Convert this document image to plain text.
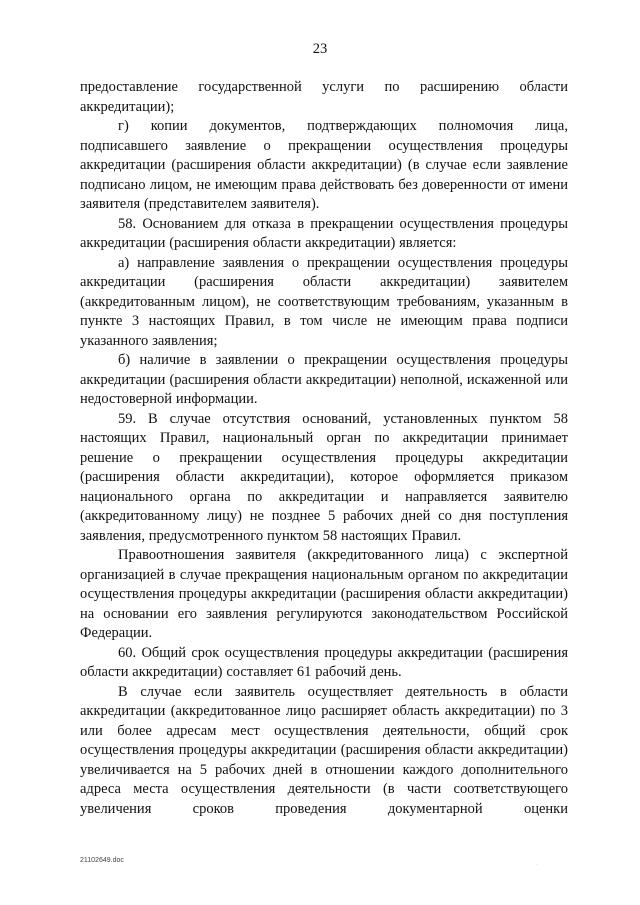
23

предоставление государственной услуги по расширению области аккредитации);

г) копии документов, подтверждающих полномочия лица, подписавшего заявление о прекращении осуществления процедуры аккредитации (расширения области аккредитации) (в случае если заявление подписано лицом, не имеющим права действовать без доверенности от имени заявителя (представителем заявителя).

58. Основанием для отказа в прекращении осуществления процедуры аккредитации (расширения области аккредитации) является:

а) направление заявления о прекращении осуществления процедуры аккредитации (расширения области аккредитации) заявителем (аккредитованным лицом), не соответствующим требованиям, указанным в пункте 3 настоящих Правил, в том числе не имеющим права подписи указанного заявления;

б) наличие в заявлении о прекращении осуществления процедуры аккредитации (расширения области аккредитации) неполной, искаженной или недостоверной информации.

59. В случае отсутствия оснований, установленных пунктом 58 настоящих Правил, национальный орган по аккредитации принимает решение о прекращении осуществления процедуры аккредитации (расширения области аккредитации), которое оформляется приказом национального органа по аккредитации и направляется заявителю (аккредитованному лицу) не позднее 5 рабочих дней со дня поступления заявления, предусмотренного пунктом 58 настоящих Правил.

Правоотношения заявителя (аккредитованного лица) с экспертной организацией в случае прекращения национальным органом по аккредитации осуществления процедуры аккредитации (расширения области аккредитации) на основании его заявления регулируются законодательством Российской Федерации.

60. Общий срок осуществления процедуры аккредитации (расширения области аккредитации) составляет 61 рабочий день.

В случае если заявитель осуществляет деятельность в области аккредитации (аккредитованное лицо расширяет область аккредитации) по 3 или более адресам мест осуществления деятельности, общий срок осуществления процедуры аккредитации (расширения области аккредитации) увеличивается на 5 рабочих дней в отношении каждого дополнительного адреса места осуществления деятельности (в части соответствующего увеличения сроков проведения документарной оценки

21102649.doc
·
